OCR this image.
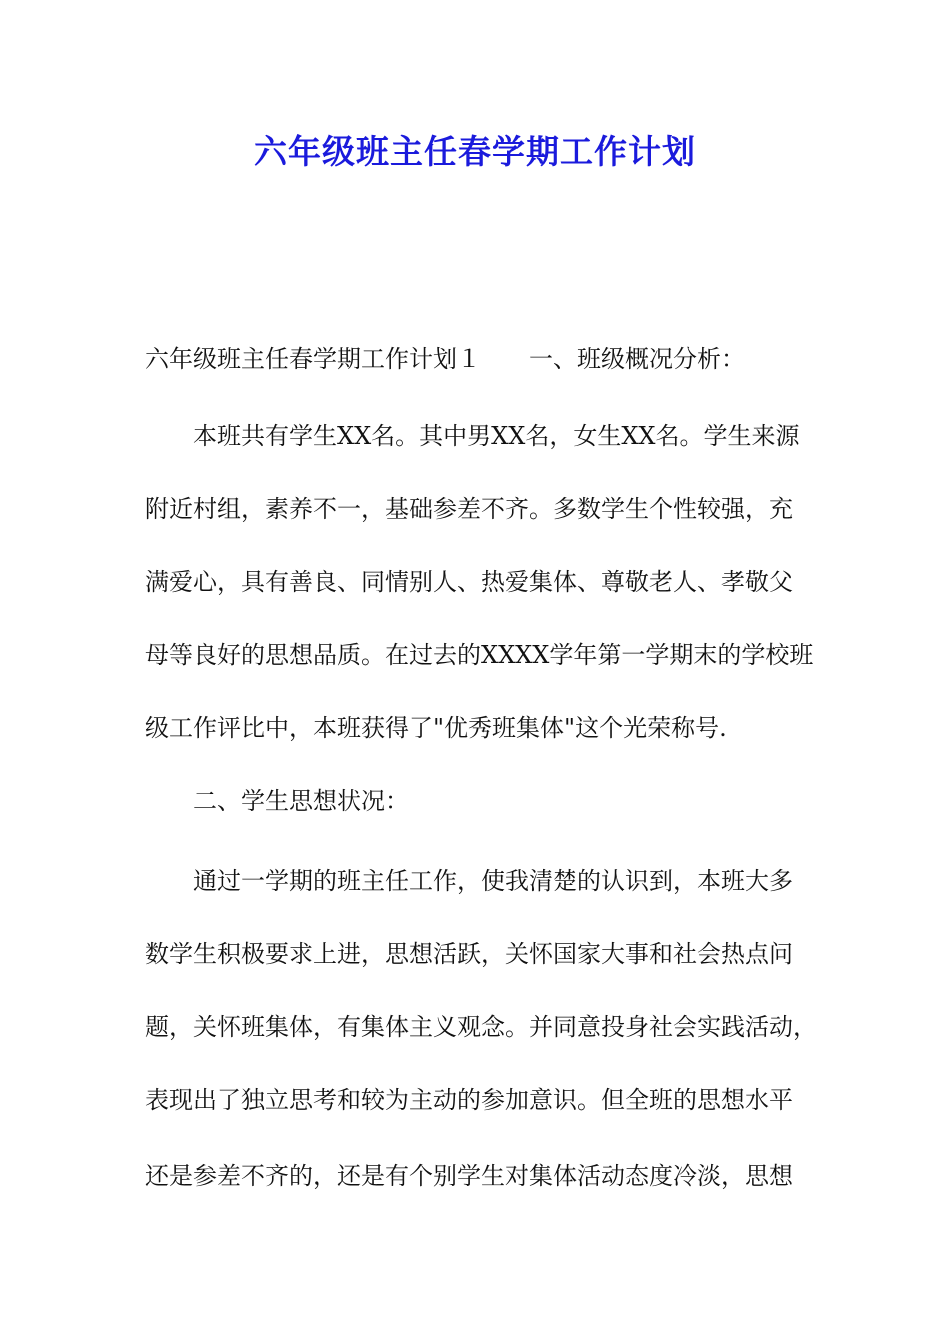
六年级班主任春学期工作计划

六年级班主任春学期工作计划１　　一、班级概况分析：

本班共有学生XX名。其中男XX名，女生XX名。学生来源

附近村组，素养不一，基础参差不齐。多数学生个性较强，充

满爱心，具有善良、同情别人、热爱集体、尊敬老人、孝敬父

母等良好的思想品质。在过去的XXXX学年第一学期末的学校班

级工作评比中，本班获得了"优秀班集体"这个光荣称号.

二、学生思想状况：

通过一学期的班主任工作，使我清楚的认识到，本班大多

数学生积极要求上进，思想活跃，关怀国家大事和社会热点问

题，关怀班集体，有集体主义观念。并同意投身社会实践活动，

表现出了独立思考和较为主动的参加意识。但全班的思想水平

还是参差不齐的，还是有个别学生对集体活动态度冷淡，思想
